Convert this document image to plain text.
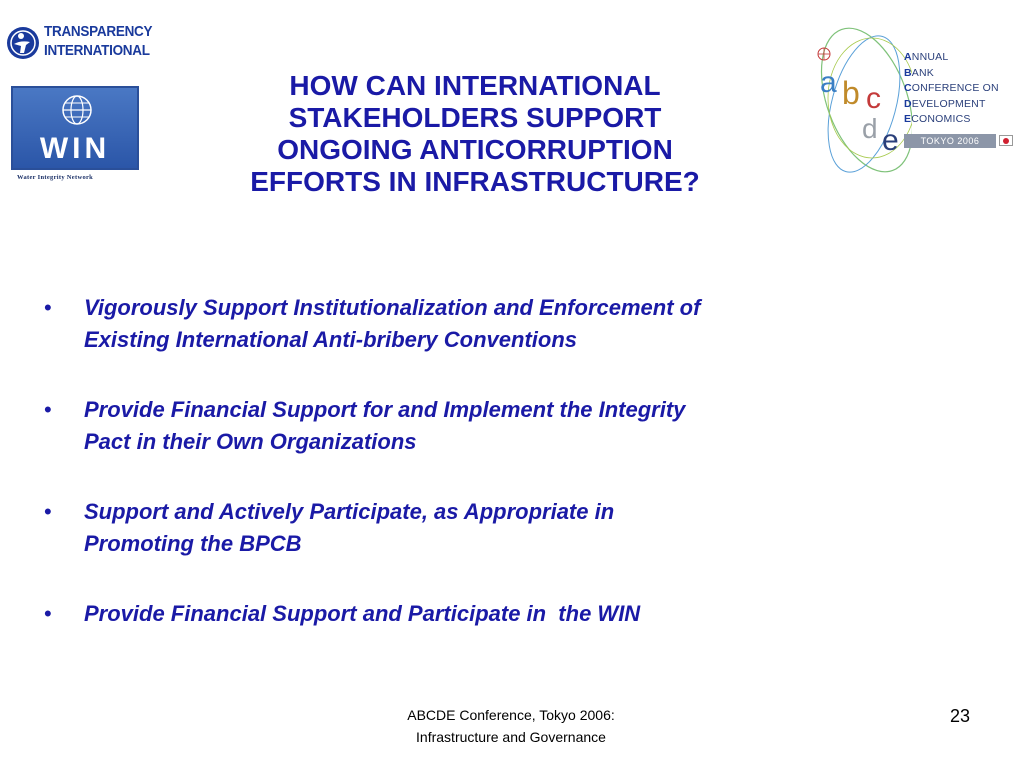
TRANSPARENCY
INTERNATIONAL
WIN
Water Integrity Network
a b c
d e
ANNUAL
BANK
CONFERENCE ON
DEVELOPMENT
ECONOMICS
TOKYO 2006
HOW CAN INTERNATIONAL
STAKEHOLDERS SUPPORT
ONGOING ANTICORRUPTION
EFFORTS IN INFRASTRUCTURE?
• Vigorously Support Institutionalization and Enforcement of
Existing International Anti-bribery Conventions
• Provide Financial Support for and Implement the Integrity
Pact in their Own Organizations
• Support and Actively Participate, as Appropriate in
Promoting the BPCB
• Provide Financial Support and Participate in  the WIN
ABCDE Conference, Tokyo 2006:
Infrastructure and Governance
23
